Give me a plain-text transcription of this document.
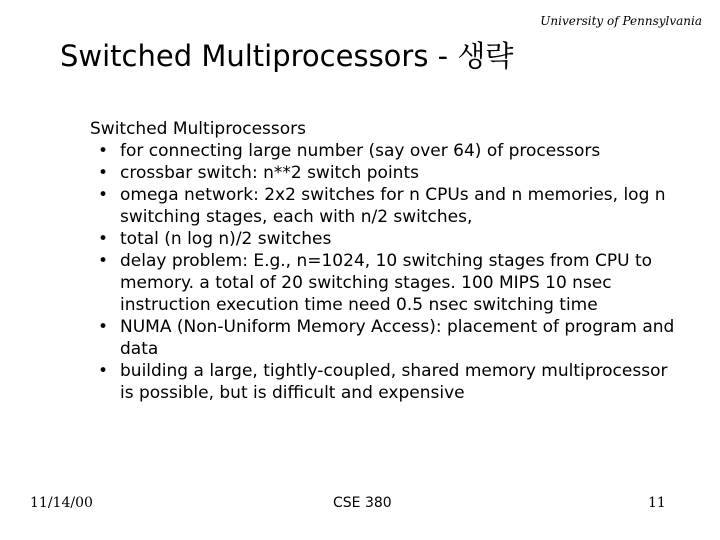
University of Pennsylvania
Switched Multiprocessors - 생략

Switched Multiprocessors

• for connecting large number (say over 64) of processors
• crossbar switch: n**2 switch points
• omega network: 2x2 switches for n CPUs and n memories, log n switching stages, each with n/2 switches,
• total (n log n)/2 switches
• delay problem: E.g., n=1024, 10 switching stages from CPU to memory. a total of 20 switching stages. 100 MIPS 10 nsec instruction execution time need 0.5 nsec switching time
• NUMA (Non-Uniform Memory Access): placement of program and data
• building a large, tightly-coupled, shared memory multiprocessor is possible, but is difficult and expensive
11/14/00	CSE 380	11
